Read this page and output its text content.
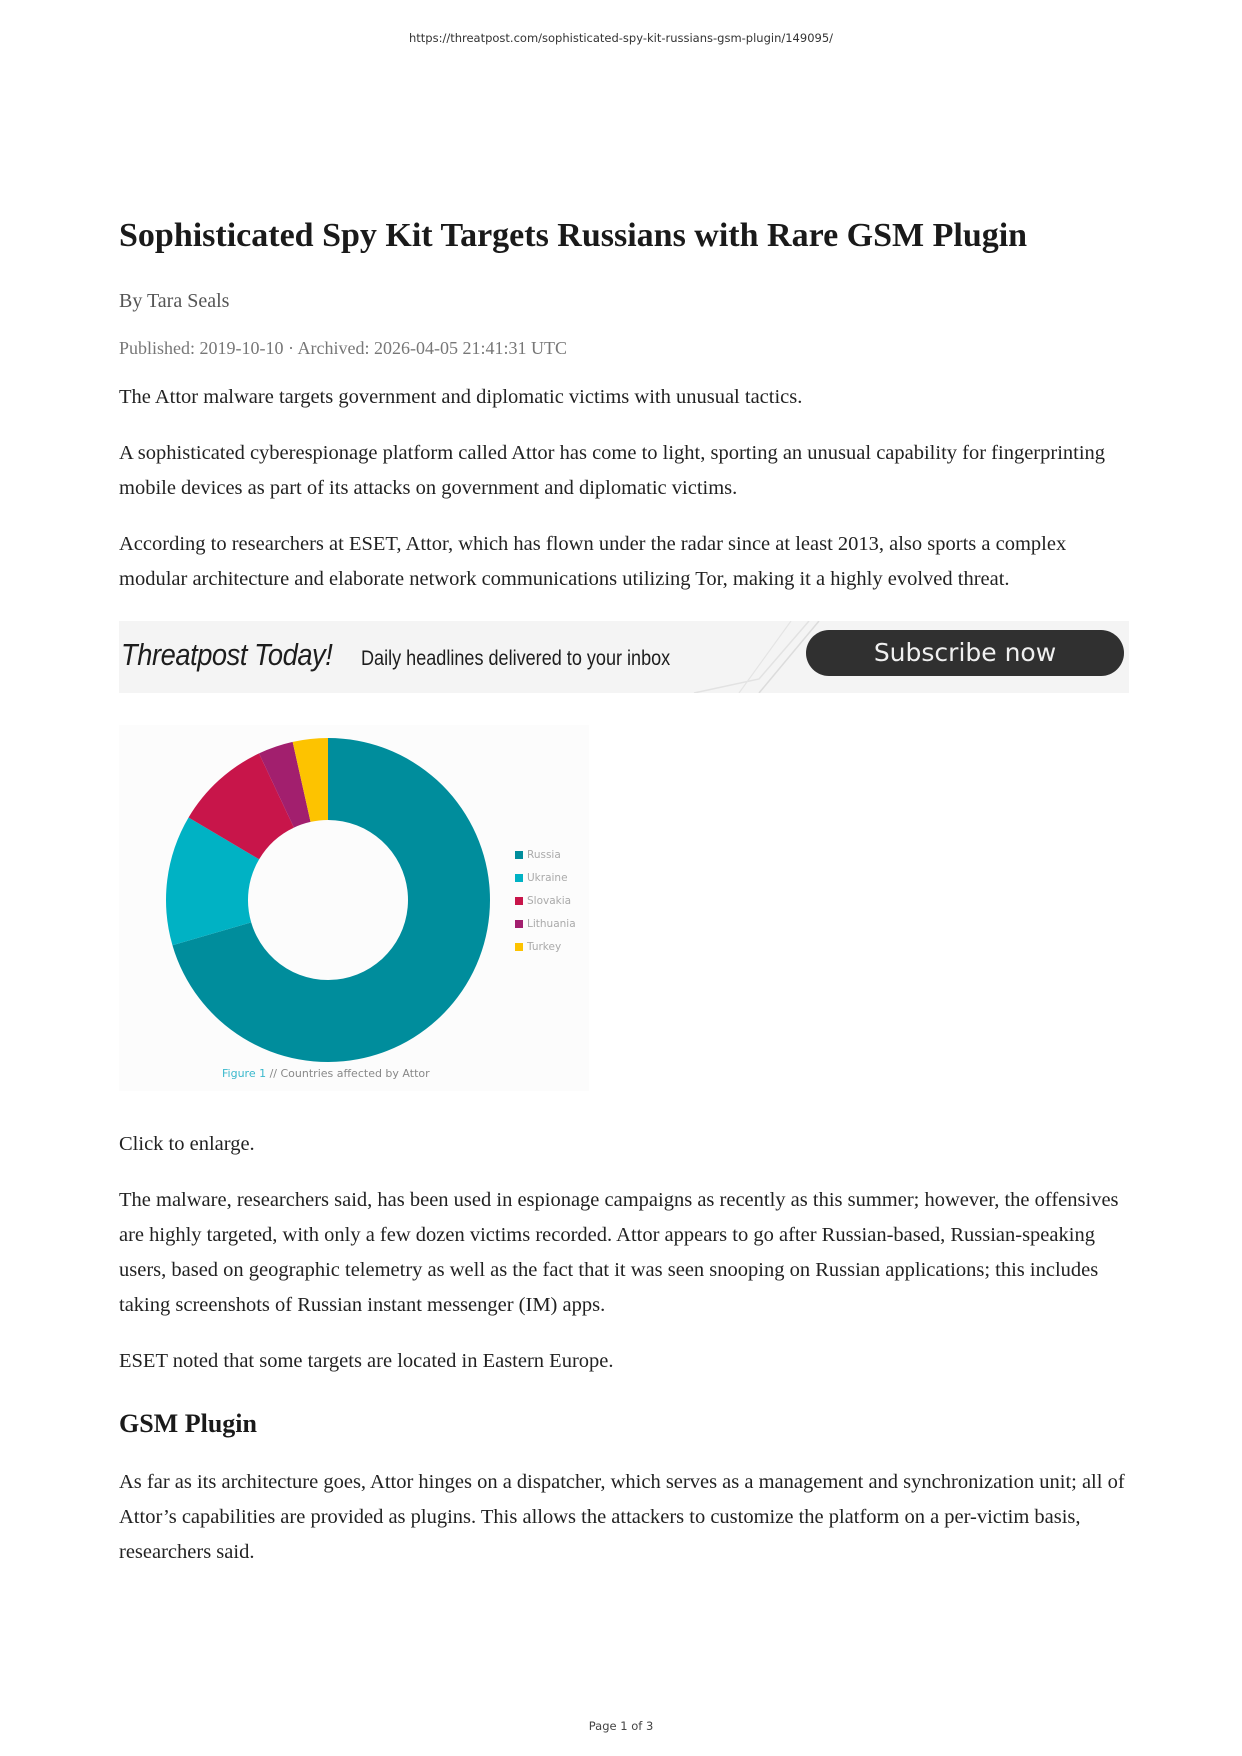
https://threatpost.com/sophisticated-spy-kit-russians-gsm-plugin/149095/
Sophisticated Spy Kit Targets Russians with Rare GSM Plugin
By Tara Seals
Published: 2019-10-10 · Archived: 2026-04-05 21:41:31 UTC

The Attor malware targets government and diplomatic victims with unusual tactics.

A sophisticated cyberespionage platform called Attor has come to light, sporting an unusual capability for fingerprinting mobile devices as part of its attacks on government and diplomatic victims.

According to researchers at ESET, Attor, which has flown under the radar since at least 2013, also sports a complex modular architecture and elaborate network communications utilizing Tor, making it a highly evolved threat.

Threatpost Today! Daily headlines delivered to your inbox	Subscribe now
Russia
Ukraine
Slovakia
Lithuania
Turkey
Figure 1 // Countries affected by Attor

Click to enlarge.

The malware, researchers said, has been used in espionage campaigns as recently as this summer; however, the offensives are highly targeted, with only a few dozen victims recorded. Attor appears to go after Russian-based, Russian-speaking users, based on geographic telemetry as well as the fact that it was seen snooping on Russian applications; this includes taking screenshots of Russian instant messenger (IM) apps.

ESET noted that some targets are located in Eastern Europe.

GSM Plugin

As far as its architecture goes, Attor hinges on a dispatcher, which serves as a management and synchronization unit; all of Attor’s capabilities are provided as plugins. This allows the attackers to customize the platform on a per-victim basis, researchers said.

Page 1 of 3
